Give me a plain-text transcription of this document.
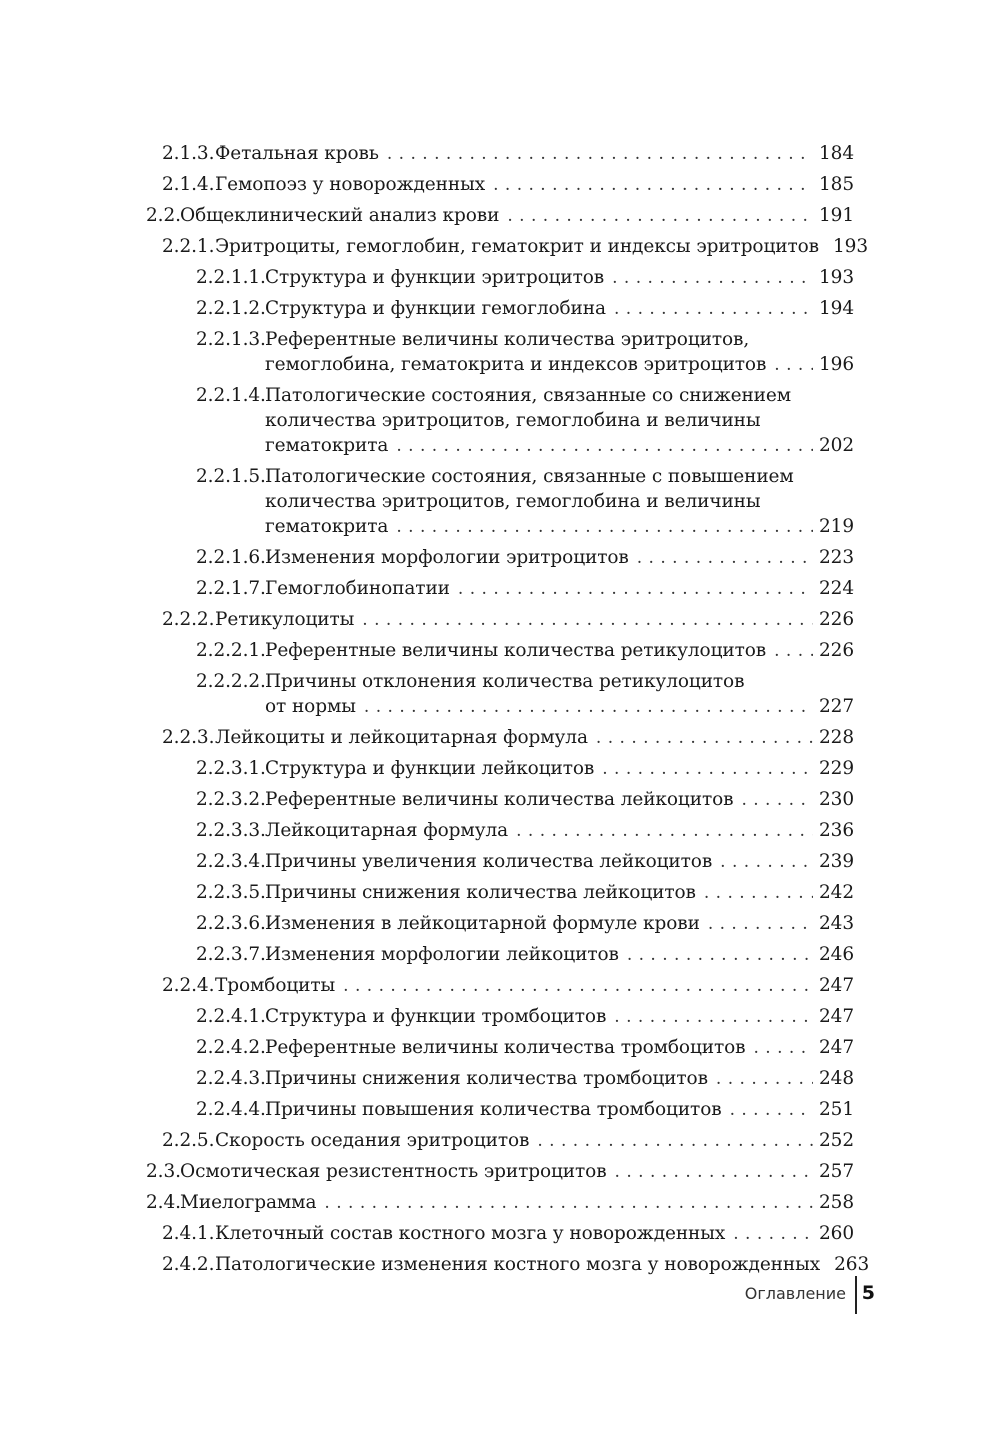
2.1.3. Фетальная кровь . . .	184
2.1.4. Гемопоэз у новорожденных . . .	185
2.2. Общеклинический анализ крови . . .	191
2.2.1. Эритроциты, гемоглобин, гематокрит и индексы эритроцитов 193
2.2.1.1. Структура и функции эритроцитов . . .	193
2.2.1.2. Структура и функции гемоглобина . . .	194
2.2.1.3. Референтные величины количества эритроцитов,
гемоглобина, гематокрита и индексов эритроцитов . . .	196
2.2.1.4. Патологические состояния, связанные со снижением
количества эритроцитов, гемоглобина и величины
гематокрита . . .	202
2.2.1.5. Патологические состояния, связанные с повышением
количества эритроцитов, гемоглобина и величины
гематокрита . . .	219
2.2.1.6. Изменения морфологии эритроцитов . . .	223
2.2.1.7. Гемоглобинопатии . . .	224
2.2.2. Ретикулоциты . . .	226
2.2.2.1. Референтные величины количества ретикулоцитов . . .	226
2.2.2.2. Причины отклонения количества ретикулоцитов
от нормы . . .	227
2.2.3. Лейкоциты и лейкоцитарная формула . . .	228
2.2.3.1. Структура и функции лейкоцитов . . .	229
2.2.3.2. Референтные величины количества лейкоцитов . . .	230
2.2.3.3. Лейкоцитарная формула . . .	236
2.2.3.4. Причины увеличения количества лейкоцитов . . .	239
2.2.3.5. Причины снижения количества лейкоцитов . . .	242
2.2.3.6. Изменения в лейкоцитарной формуле крови . . .	243
2.2.3.7. Изменения морфологии лейкоцитов . . .	246
2.2.4. Тромбоциты . . .	247
2.2.4.1. Структура и функции тромбоцитов . . .	247
2.2.4.2. Референтные величины количества тромбоцитов . . .	247
2.2.4.3. Причины снижения количества тромбоцитов . . .	248
2.2.4.4. Причины повышения количества тромбоцитов . . .	251
2.2.5. Скорость оседания эритроцитов . . .	252
2.3. Осмотическая резистентность эритроцитов . . .	257
2.4. Миелограмма . . .	258
2.4.1. Клеточный состав костного мозга у новорожденных . . .	260
2.4.2. Патологические изменения костного мозга у новорожденных 263
Оглавление 5
